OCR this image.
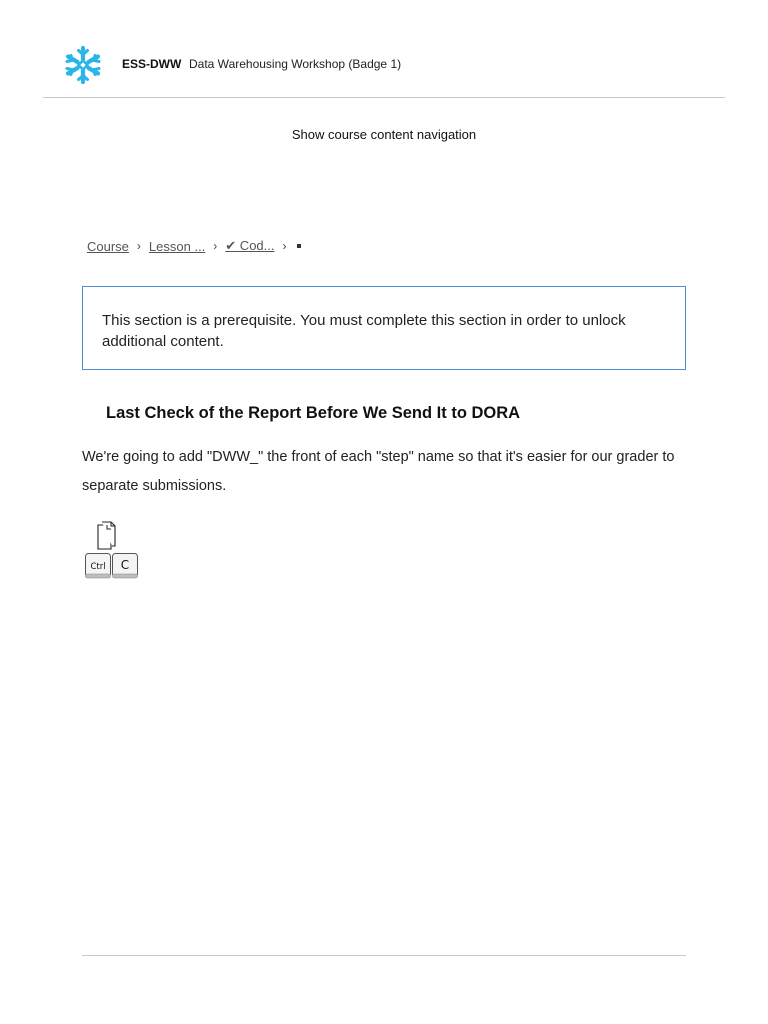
ESS-DWW Data Warehousing Workshop (Badge 1)
Show course content navigation
Course › Lesson ... › ✔ Cod... ›
This section is a prerequisite. You must complete this section in order to unlock additional content.
Last Check of the Report Before We Send It to DORA
We're going to add "DWW_" the front of each "step" name so that it's easier for our grader to separate submissions.
Ctrl C
